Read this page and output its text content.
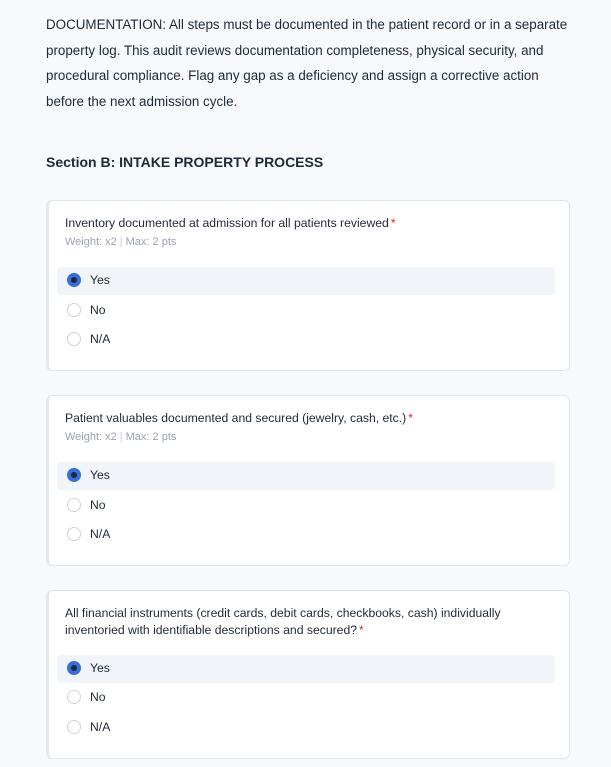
DOCUMENTATION: All steps must be documented in the patient record or in a separate property log. This audit reviews documentation completeness, physical security, and procedural compliance. Flag any gap as a deficiency and assign a corrective action before the next admission cycle.

Section B: INTAKE PROPERTY PROCESS
Inventory documented at admission for all patients reviewed *
Weight: x2 | Max: 2 pts
Yes
No
N/A
Patient valuables documented and secured (jewelry, cash, etc.) *
Weight: x2 | Max: 2 pts
Yes
No
N/A
All financial instruments (credit cards, debit cards, checkbooks, cash) individually inventoried with identifiable descriptions and secured? *
Yes
No
N/A
